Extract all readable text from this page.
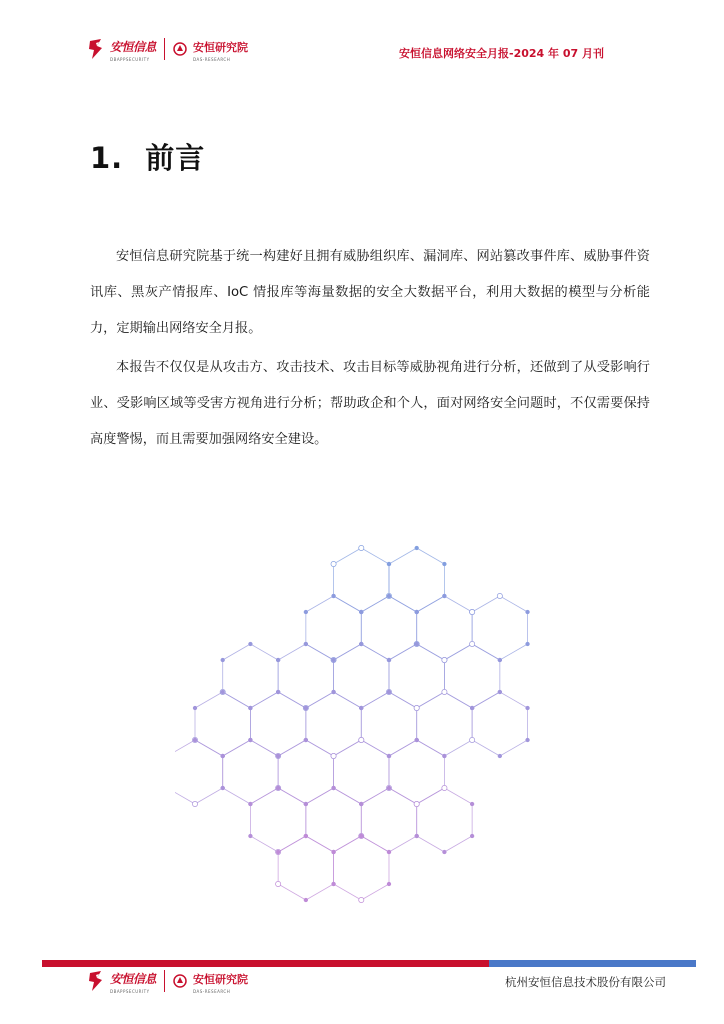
安恒信息
DBAPPSECURITY
安恒研究院
DAS-RESEARCH	安恒信息网络安全月报-2024 年 07 月刊
1. 前言
安恒信息研究院基于统一构建好且拥有威胁组织库、漏洞库、网站篡改事件库、威胁事件资讯库、黑灰产情报库、IoC 情报库等海量数据的安全大数据平台，利用大数据的模型与分析能力，定期输出网络安全月报。
本报告不仅仅是从攻击方、攻击技术、攻击目标等威胁视角进行分析，还做到了从受影响行业、受影响区域等受害方视角进行分析；帮助政企和个人，面对网络安全问题时，不仅需要保持高度警惕，而且需要加强网络安全建设。
安恒信息
DBAPPSECURITY
安恒研究院
DAS-RESEARCH
杭州安恒信息技术股份有限公司
